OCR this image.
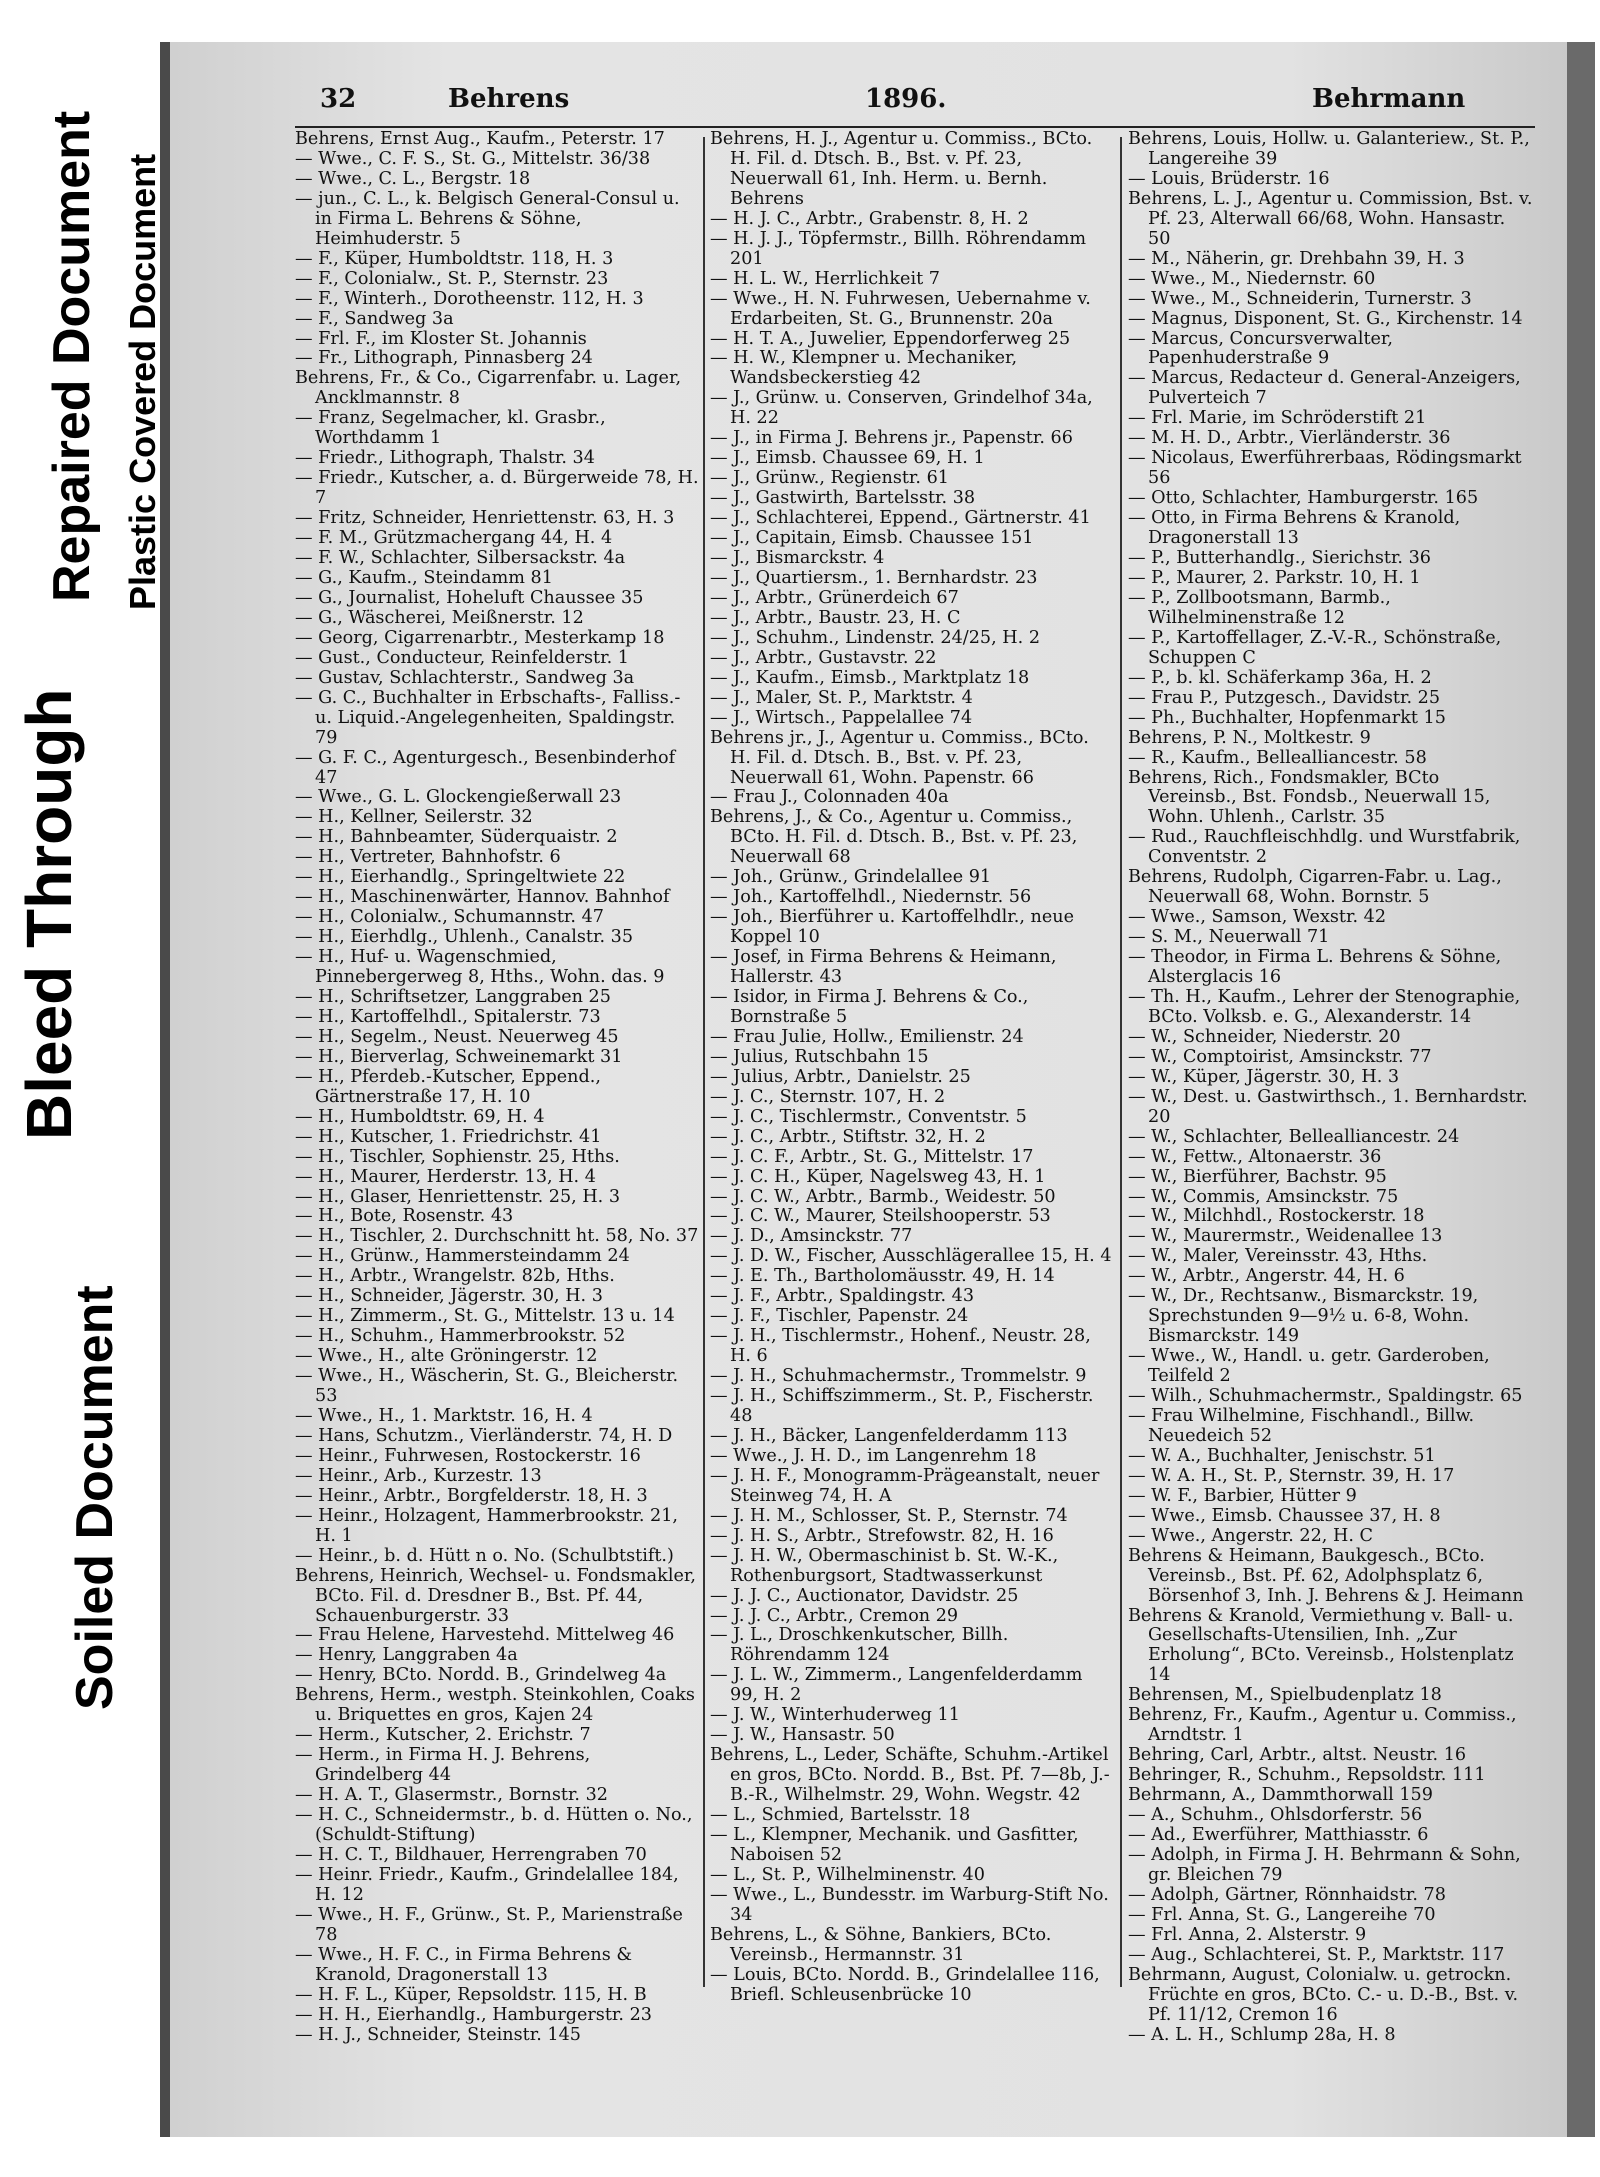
32	Behrens	1896.	Behrmann

Behrens, Ernst Aug., Kaufm., Peterstr. 17

— Wwe., C. F. S., St. G., Mittelstr. 36/38

— Wwe., C. L., Bergstr. 18

— jun., C. L., k. Belgisch General-Consul u. in Firma L. Behrens & Söhne, Heimhuderstr. 5

— F., Küper, Humboldtstr. 118, H. 3

— F., Colonialw., St. P., Sternstr. 23

— F., Winterh., Dorotheenstr. 112, H. 3

— F., Sandweg 3a

— Frl. F., im Kloster St. Johannis

— Fr., Lithograph, Pinnasberg 24

Behrens, Fr., & Co., Cigarrenfabr. u. Lager, Ancklmannstr. 8

— Franz, Segelmacher, kl. Grasbr., Worthdamm 1

— Friedr., Lithograph, Thalstr. 34

— Friedr., Kutscher, a. d. Bürgerweide 78, H. 7

— Fritz, Schneider, Henriettenstr. 63, H. 3

— F. M., Grützmachergang 44, H. 4

— F. W., Schlachter, Silbersackstr. 4a

— G., Kaufm., Steindamm 81

— G., Journalist, Hoheluft Chaussee 35

— G., Wäscherei, Meißnerstr. 12

— Georg, Cigarrenarbtr., Mesterkamp 18

— Gust., Conducteur, Reinfelderstr. 1

— Gustav, Schlachterstr., Sandweg 3a

— G. C., Buchhalter in Erbschafts-, Falliss.- u. Liquid.-Angelegenheiten, Spaldingstr. 79

— G. F. C., Agenturgesch., Besenbinderhof 47

— Wwe., G. L. Glockengießerwall 23

— H., Kellner, Seilerstr. 32

— H., Bahnbeamter, Süderquaistr. 2

— H., Vertreter, Bahnhofstr. 6

— H., Eierhandlg., Springeltwiete 22

— H., Maschinenwärter, Hannov. Bahnhof

— H., Colonialw., Schumannstr. 47

— H., Eierhdlg., Uhlenh., Canalstr. 35

— H., Huf- u. Wagenschmied, Pinnebergerweg 8, Hths., Wohn. das. 9

— H., Schriftsetzer, Langgraben 25

— H., Kartoffelhdl., Spitalerstr. 73

— H., Segelm., Neust. Neuerweg 45

— H., Bierverlag, Schweinemarkt 31

— H., Pferdeb.-Kutscher, Eppend., Gärtnerstraße 17, H. 10

— H., Humboldtstr. 69, H. 4

— H., Kutscher, 1. Friedrichstr. 41

— H., Tischler, Sophienstr. 25, Hths.

— H., Maurer, Herderstr. 13, H. 4

— H., Glaser, Henriettenstr. 25, H. 3

— H., Bote, Rosenstr. 43

— H., Tischler, 2. Durchschnitt ht. 58, No. 37

— H., Grünw., Hammersteindamm 24

— H., Arbtr., Wrangelstr. 82b, Hths.

— H., Schneider, Jägerstr. 30, H. 3

— H., Zimmerm., St. G., Mittelstr. 13 u. 14

— H., Schuhm., Hammerbrookstr. 52

— Wwe., H., alte Gröningerstr. 12

— Wwe., H., Wäscherin, St. G., Bleicherstr. 53

— Wwe., H., 1. Marktstr. 16, H. 4

— Hans, Schutzm., Vierländerstr. 74, H. D

— Heinr., Fuhrwesen, Rostockerstr. 16

— Heinr., Arb., Kurzestr. 13

— Heinr., Arbtr., Borgfelderstr. 18, H. 3

— Heinr., Holzagent, Hammerbrookstr. 21, H. 1

— Heinr., b. d. Hütt n o. No. (Schulbtstift.)

Behrens, Heinrich, Wechsel- u. Fondsmakler, BCto. Fil. d. Dresdner B., Bst. Pf. 44, Schauenburgerstr. 33

— Frau Helene, Harvestehd. Mittelweg 46

— Henry, Langgraben 4a

— Henry, BCto. Nordd. B., Grindelweg 4a

Behrens, Herm., westph. Steinkohlen, Coaks u. Briquettes en gros, Kajen 24

— Herm., Kutscher, 2. Erichstr. 7

— Herm., in Firma H. J. Behrens, Grindelberg 44

— H. A. T., Glasermstr., Bornstr. 32

— H. C., Schneidermstr., b. d. Hütten o. No., (Schuldt-Stiftung)

— H. C. T., Bildhauer, Herrengraben 70

— Heinr. Friedr., Kaufm., Grindelallee 184, H. 12

— Wwe., H. F., Grünw., St. P., Marienstraße 78

— Wwe., H. F. C., in Firma Behrens & Kranold, Dragonerstall 13

— H. F. L., Küper, Repsoldstr. 115, H. B

— H. H., Eierhandlg., Hamburgerstr. 23

— H. J., Schneider, Steinstr. 145

Behrens, H. J., Agentur u. Commiss., BCto. H. Fil. d. Dtsch. B., Bst. v. Pf. 23, Neuerwall 61, Inh. Herm. u. Bernh. Behrens

— H. J. C., Arbtr., Grabenstr. 8, H. 2

— H. J. J., Töpfermstr., Billh. Röhrendamm 201

— H. L. W., Herrlichkeit 7

— Wwe., H. N. Fuhrwesen, Uebernahme v. Erdarbeiten, St. G., Brunnenstr. 20a

— H. T. A., Juwelier, Eppendorferweg 25

— H. W., Klempner u. Mechaniker, Wandsbeckerstieg 42

— J., Grünw. u. Conserven, Grindelhof 34a, H. 22

— J., in Firma J. Behrens jr., Papenstr. 66

— J., Eimsb. Chaussee 69, H. 1

— J., Grünw., Regienstr. 61

— J., Gastwirth, Bartelsstr. 38

— J., Schlachterei, Eppend., Gärtnerstr. 41

— J., Capitain, Eimsb. Chaussee 151

— J., Bismarckstr. 4

— J., Quartiersm., 1. Bernhardstr. 23

— J., Arbtr., Grünerdeich 67

— J., Arbtr., Baustr. 23, H. C

— J., Schuhm., Lindenstr. 24/25, H. 2

— J., Arbtr., Gustavstr. 22

— J., Kaufm., Eimsb., Marktplatz 18

— J., Maler, St. P., Marktstr. 4

— J., Wirtsch., Pappelallee 74

Behrens jr., J., Agentur u. Commiss., BCto. H. Fil. d. Dtsch. B., Bst. v. Pf. 23, Neuerwall 61, Wohn. Papenstr. 66

— Frau J., Colonnaden 40a

Behrens, J., & Co., Agentur u. Commiss., BCto. H. Fil. d. Dtsch. B., Bst. v. Pf. 23, Neuerwall 68

— Joh., Grünw., Grindelallee 91

— Joh., Kartoffelhdl., Niedernstr. 56

— Joh., Bierführer u. Kartoffelhdlr., neue Koppel 10

— Josef, in Firma Behrens & Heimann, Hallerstr. 43

— Isidor, in Firma J. Behrens & Co., Bornstraße 5

— Frau Julie, Hollw., Emilienstr. 24

— Julius, Rutschbahn 15

— Julius, Arbtr., Danielstr. 25

— J. C., Sternstr. 107, H. 2

— J. C., Tischlermstr., Conventstr. 5

— J. C., Arbtr., Stiftstr. 32, H. 2

— J. C. F., Arbtr., St. G., Mittelstr. 17

— J. C. H., Küper, Nagelsweg 43, H. 1

— J. C. W., Arbtr., Barmb., Weidestr. 50

— J. C. W., Maurer, Steilshooperstr. 53

— J. D., Amsinckstr. 77

— J. D. W., Fischer, Ausschlägerallee 15, H. 4

— J. E. Th., Bartholomäusstr. 49, H. 14

— J. F., Arbtr., Spaldingstr. 43

— J. F., Tischler, Papenstr. 24

— J. H., Tischlermstr., Hohenf., Neustr. 28, H. 6

— J. H., Schuhmachermstr., Trommelstr. 9

— J. H., Schiffszimmerm., St. P., Fischerstr. 48

— J. H., Bäcker, Langenfelderdamm 113

— Wwe., J. H. D., im Langenrehm 18

— J. H. F., Monogramm-Prägeanstalt, neuer Steinweg 74, H. A

— J. H. M., Schlosser, St. P., Sternstr. 74

— J. H. S., Arbtr., Strefowstr. 82, H. 16

— J. H. W., Obermaschinist b. St. W.-K., Rothenburgsort, Stadtwasserkunst

— J. J. C., Auctionator, Davidstr. 25

— J. J. C., Arbtr., Cremon 29

— J. L., Droschkenkutscher, Billh. Röhrendamm 124

— J. L. W., Zimmerm., Langenfelderdamm 99, H. 2

— J. W., Winterhuderweg 11

— J. W., Hansastr. 50

Behrens, L., Leder, Schäfte, Schuhm.-Artikel en gros, BCto. Nordd. B., Bst. Pf. 7—8b, J.-B.-R., Wilhelmstr. 29, Wohn. Wegstr. 42

— L., Schmied, Bartelsstr. 18

— L., Klempner, Mechanik. und Gasfitter, Naboisen 52

— L., St. P., Wilhelminenstr. 40

— Wwe., L., Bundesstr. im Warburg-Stift No. 34

Behrens, L., & Söhne, Bankiers, BCto. Vereinsb., Hermannstr. 31

— Louis, BCto. Nordd. B., Grindelallee 116, Briefl. Schleusenbrücke 10

Behrens, Louis, Hollw. u. Galanteriew., St. P., Langereihe 39

— Louis, Brüderstr. 16

Behrens, L. J., Agentur u. Commission, Bst. v. Pf. 23, Alterwall 66/68, Wohn. Hansastr. 50

— M., Näherin, gr. Drehbahn 39, H. 3

— Wwe., M., Niedernstr. 60

— Wwe., M., Schneiderin, Turnerstr. 3

— Magnus, Disponent, St. G., Kirchenstr. 14

— Marcus, Concursverwalter, Papenhuderstraße 9

— Marcus, Redacteur d. General-Anzeigers, Pulverteich 7

— Frl. Marie, im Schröderstift 21

— M. H. D., Arbtr., Vierländerstr. 36

— Nicolaus, Ewerführerbaas, Rödingsmarkt 56

— Otto, Schlachter, Hamburgerstr. 165

— Otto, in Firma Behrens & Kranold, Dragonerstall 13

— P., Butterhandlg., Sierichstr. 36

— P., Maurer, 2. Parkstr. 10, H. 1

— P., Zollbootsmann, Barmb., Wilhelminenstraße 12

— P., Kartoffellager, Z.-V.-R., Schönstraße, Schuppen C

— P., b. kl. Schäferkamp 36a, H. 2

— Frau P., Putzgesch., Davidstr. 25

— Ph., Buchhalter, Hopfenmarkt 15

Behrens, P. N., Moltkestr. 9

— R., Kaufm., Bellealliancestr. 58

Behrens, Rich., Fondsmakler, BCto Vereinsb., Bst. Fondsb., Neuerwall 15, Wohn. Uhlenh., Carlstr. 35

— Rud., Rauchfleischhdlg. und Wurstfabrik, Conventstr. 2

Behrens, Rudolph, Cigarren-Fabr. u. Lag., Neuerwall 68, Wohn. Bornstr. 5

— Wwe., Samson, Wexstr. 42

— S. M., Neuerwall 71

— Theodor, in Firma L. Behrens & Söhne, Alsterglacis 16

— Th. H., Kaufm., Lehrer der Stenographie, BCto. Volksb. e. G., Alexanderstr. 14

— W., Schneider, Niederstr. 20

— W., Comptoirist, Amsinckstr. 77

— W., Küper, Jägerstr. 30, H. 3

— W., Dest. u. Gastwirthsch., 1. Bernhardstr. 20

— W., Schlachter, Bellealliancestr. 24

— W., Fettw., Altonaerstr. 36

— W., Bierführer, Bachstr. 95

— W., Commis, Amsinckstr. 75

— W., Milchhdl., Rostockerstr. 18

— W., Maurermstr., Weidenallee 13

— W., Maler, Vereinsstr. 43, Hths.

— W., Arbtr., Angerstr. 44, H. 6

— W., Dr., Rechtsanw., Bismarckstr. 19, Sprechstunden 9—9½ u. 6-8, Wohn. Bismarckstr. 149

— Wwe., W., Handl. u. getr. Garderoben, Teilfeld 2

— Wilh., Schuhmachermstr., Spaldingstr. 65

— Frau Wilhelmine, Fischhandl., Billw. Neuedeich 52

— W. A., Buchhalter, Jenischstr. 51

— W. A. H., St. P., Sternstr. 39, H. 17

— W. F., Barbier, Hütter 9

— Wwe., Eimsb. Chaussee 37, H. 8

— Wwe., Angerstr. 22, H. C

Behrens & Heimann, Baukgesch., BCto. Vereinsb., Bst. Pf. 62, Adolphsplatz 6, Börsenhof 3, Inh. J. Behrens & J. Heimann

Behrens & Kranold, Vermiethung v. Ball- u. Gesellschafts-Utensilien, Inh. „Zur Erholung“, BCto. Vereinsb., Holstenplatz 14

Behrensen, M., Spielbudenplatz 18

Behrenz, Fr., Kaufm., Agentur u. Commiss., Arndtstr. 1

Behring, Carl, Arbtr., altst. Neustr. 16

Behringer, R., Schuhm., Repsoldstr. 111

Behrmann, A., Dammthorwall 159

— A., Schuhm., Ohlsdorferstr. 56

— Ad., Ewerführer, Matthiasstr. 6

— Adolph, in Firma J. H. Behrmann & Sohn, gr. Bleichen 79

— Adolph, Gärtner, Rönnhaidstr. 78

— Frl. Anna, St. G., Langereihe 70

— Frl. Anna, 2. Alsterstr. 9

— Aug., Schlachterei, St. P., Marktstr. 117

Behrmann, August, Colonialw. u. getrockn. Früchte en gros, BCto. C.- u. D.-B., Bst. v. Pf. 11/12, Cremon 16

— A. L. H., Schlump 28a, H. 8

Repaired Document Plastic Covered Document
Bleed Through
Soiled Document
